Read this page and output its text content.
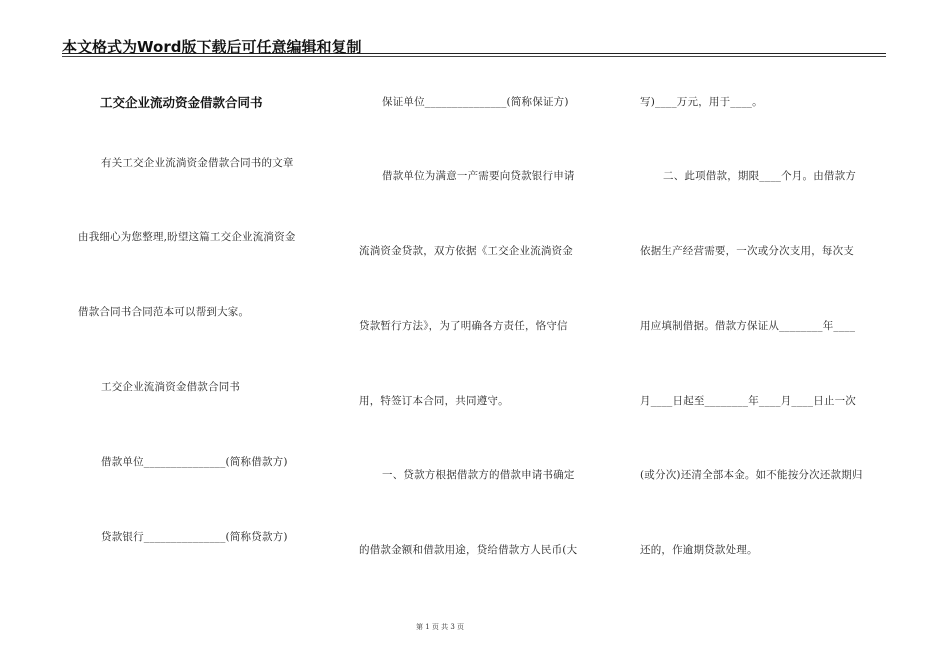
本文格式为Word版下载后可任意编辑和复制
工交企业流动资金借款合同书
有关工交企业流淌资金借款合同书的文章
由我细心为您整理,盼望这篇工交企业流淌资金
借款合同书合同范本可以帮到大家。
工交企业流淌资金借款合同书
借款单位_______________(简称借款方)
贷款银行_______________(简称贷款方)
保证单位_______________(简称保证方)
借款单位为满意一产需要向贷款银行申请
流淌资金贷款，双方依据《工交企业流淌资金
贷款暂行方法》，为了明确各方责任，恪守信
用，特签订本合同，共同遵守。
一、贷款方根据借款方的借款申请书确定
的借款金额和借款用途，贷给借款方人民币(大
写)____万元，用于____。
二、此项借款，期限____个月。由借款方
依据生产经营需要，一次或分次支用，每次支
用应填制借据。借款方保证从________年____
月____日起至________年____月____日止一次
(或分次)还清全部本金。如不能按分次还款期归
还的，作逾期贷款处理。
第 1 页 共 3 页
